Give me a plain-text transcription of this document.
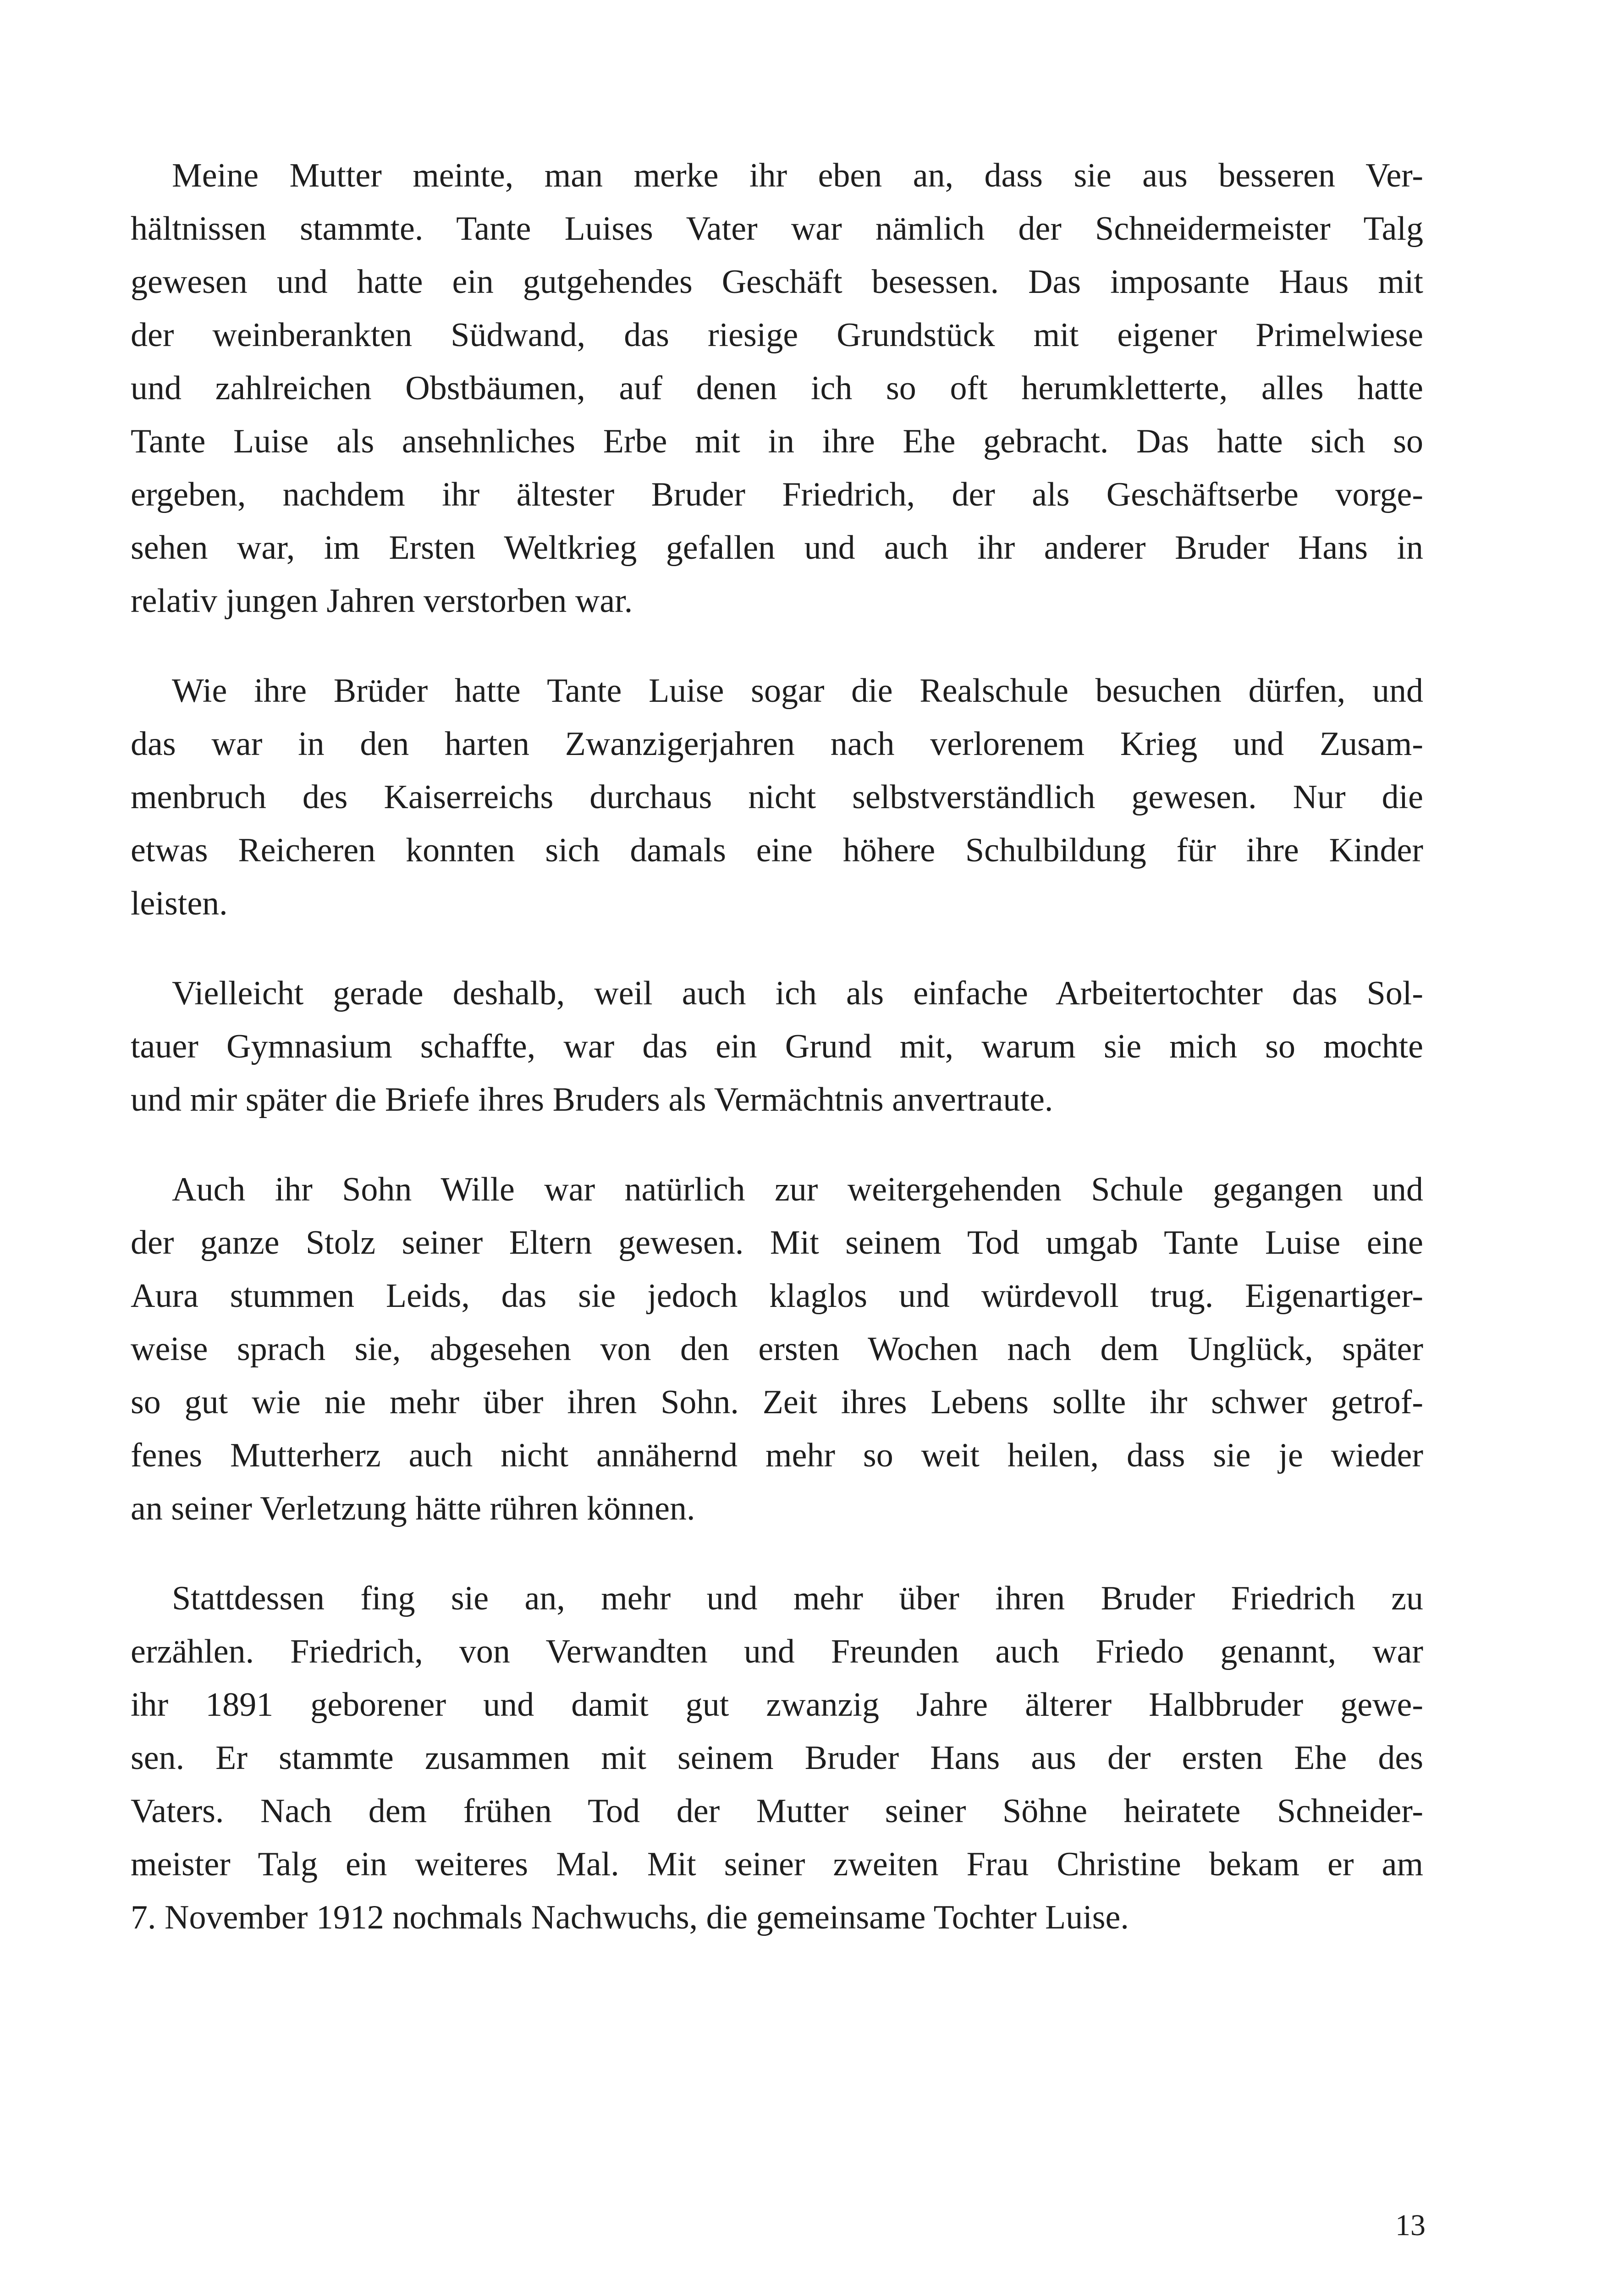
Meine Mutter meinte, man merke ihr eben an, dass sie aus besseren Ver-
hältnissen stammte. Tante Luises Vater war nämlich der Schneidermeister Talg
gewesen und hatte ein gutgehendes Geschäft besessen. Das imposante Haus mit
der weinberankten Südwand, das riesige Grundstück mit eigener Primelwiese
und zahlreichen Obstbäumen, auf denen ich so oft herumkletterte, alles hatte
Tante Luise als ansehnliches Erbe mit in ihre Ehe gebracht. Das hatte sich so
ergeben, nachdem ihr ältester Bruder Friedrich, der als Geschäftserbe vorge-
sehen war, im Ersten Weltkrieg gefallen und auch ihr anderer Bruder Hans in
relativ jungen Jahren verstorben war.
Wie ihre Brüder hatte Tante Luise sogar die Realschule besuchen dürfen, und
das war in den harten Zwanzigerjahren nach verlorenem Krieg und Zusam-
menbruch des Kaiserreichs durchaus nicht selbstverständlich gewesen. Nur die
etwas Reicheren konnten sich damals eine höhere Schulbildung für ihre Kinder
leisten.
Vielleicht gerade deshalb, weil auch ich als einfache Arbeitertochter das Sol-
tauer Gymnasium schaffte, war das ein Grund mit, warum sie mich so mochte
und mir später die Briefe ihres Bruders als Vermächtnis anvertraute.
Auch ihr Sohn Wille war natürlich zur weitergehenden Schule gegangen und
der ganze Stolz seiner Eltern gewesen. Mit seinem Tod umgab Tante Luise eine
Aura stummen Leids, das sie jedoch klaglos und würdevoll trug. Eigenartiger-
weise sprach sie, abgesehen von den ersten Wochen nach dem Unglück, später
so gut wie nie mehr über ihren Sohn. Zeit ihres Lebens sollte ihr schwer getrof-
fenes Mutterherz auch nicht annähernd mehr so weit heilen, dass sie je wieder
an seiner Verletzung hätte rühren können.
Stattdessen fing sie an, mehr und mehr über ihren Bruder Friedrich zu
erzählen. Friedrich, von Verwandten und Freunden auch Friedo genannt, war
ihr 1891 geborener und damit gut zwanzig Jahre älterer Halbbruder gewe-
sen. Er stammte zusammen mit seinem Bruder Hans aus der ersten Ehe des
Vaters. Nach dem frühen Tod der Mutter seiner Söhne heiratete Schneider-
meister Talg ein weiteres Mal. Mit seiner zweiten Frau Christine bekam er am
7. November 1912 nochmals Nachwuchs, die gemeinsame Tochter Luise.
13
